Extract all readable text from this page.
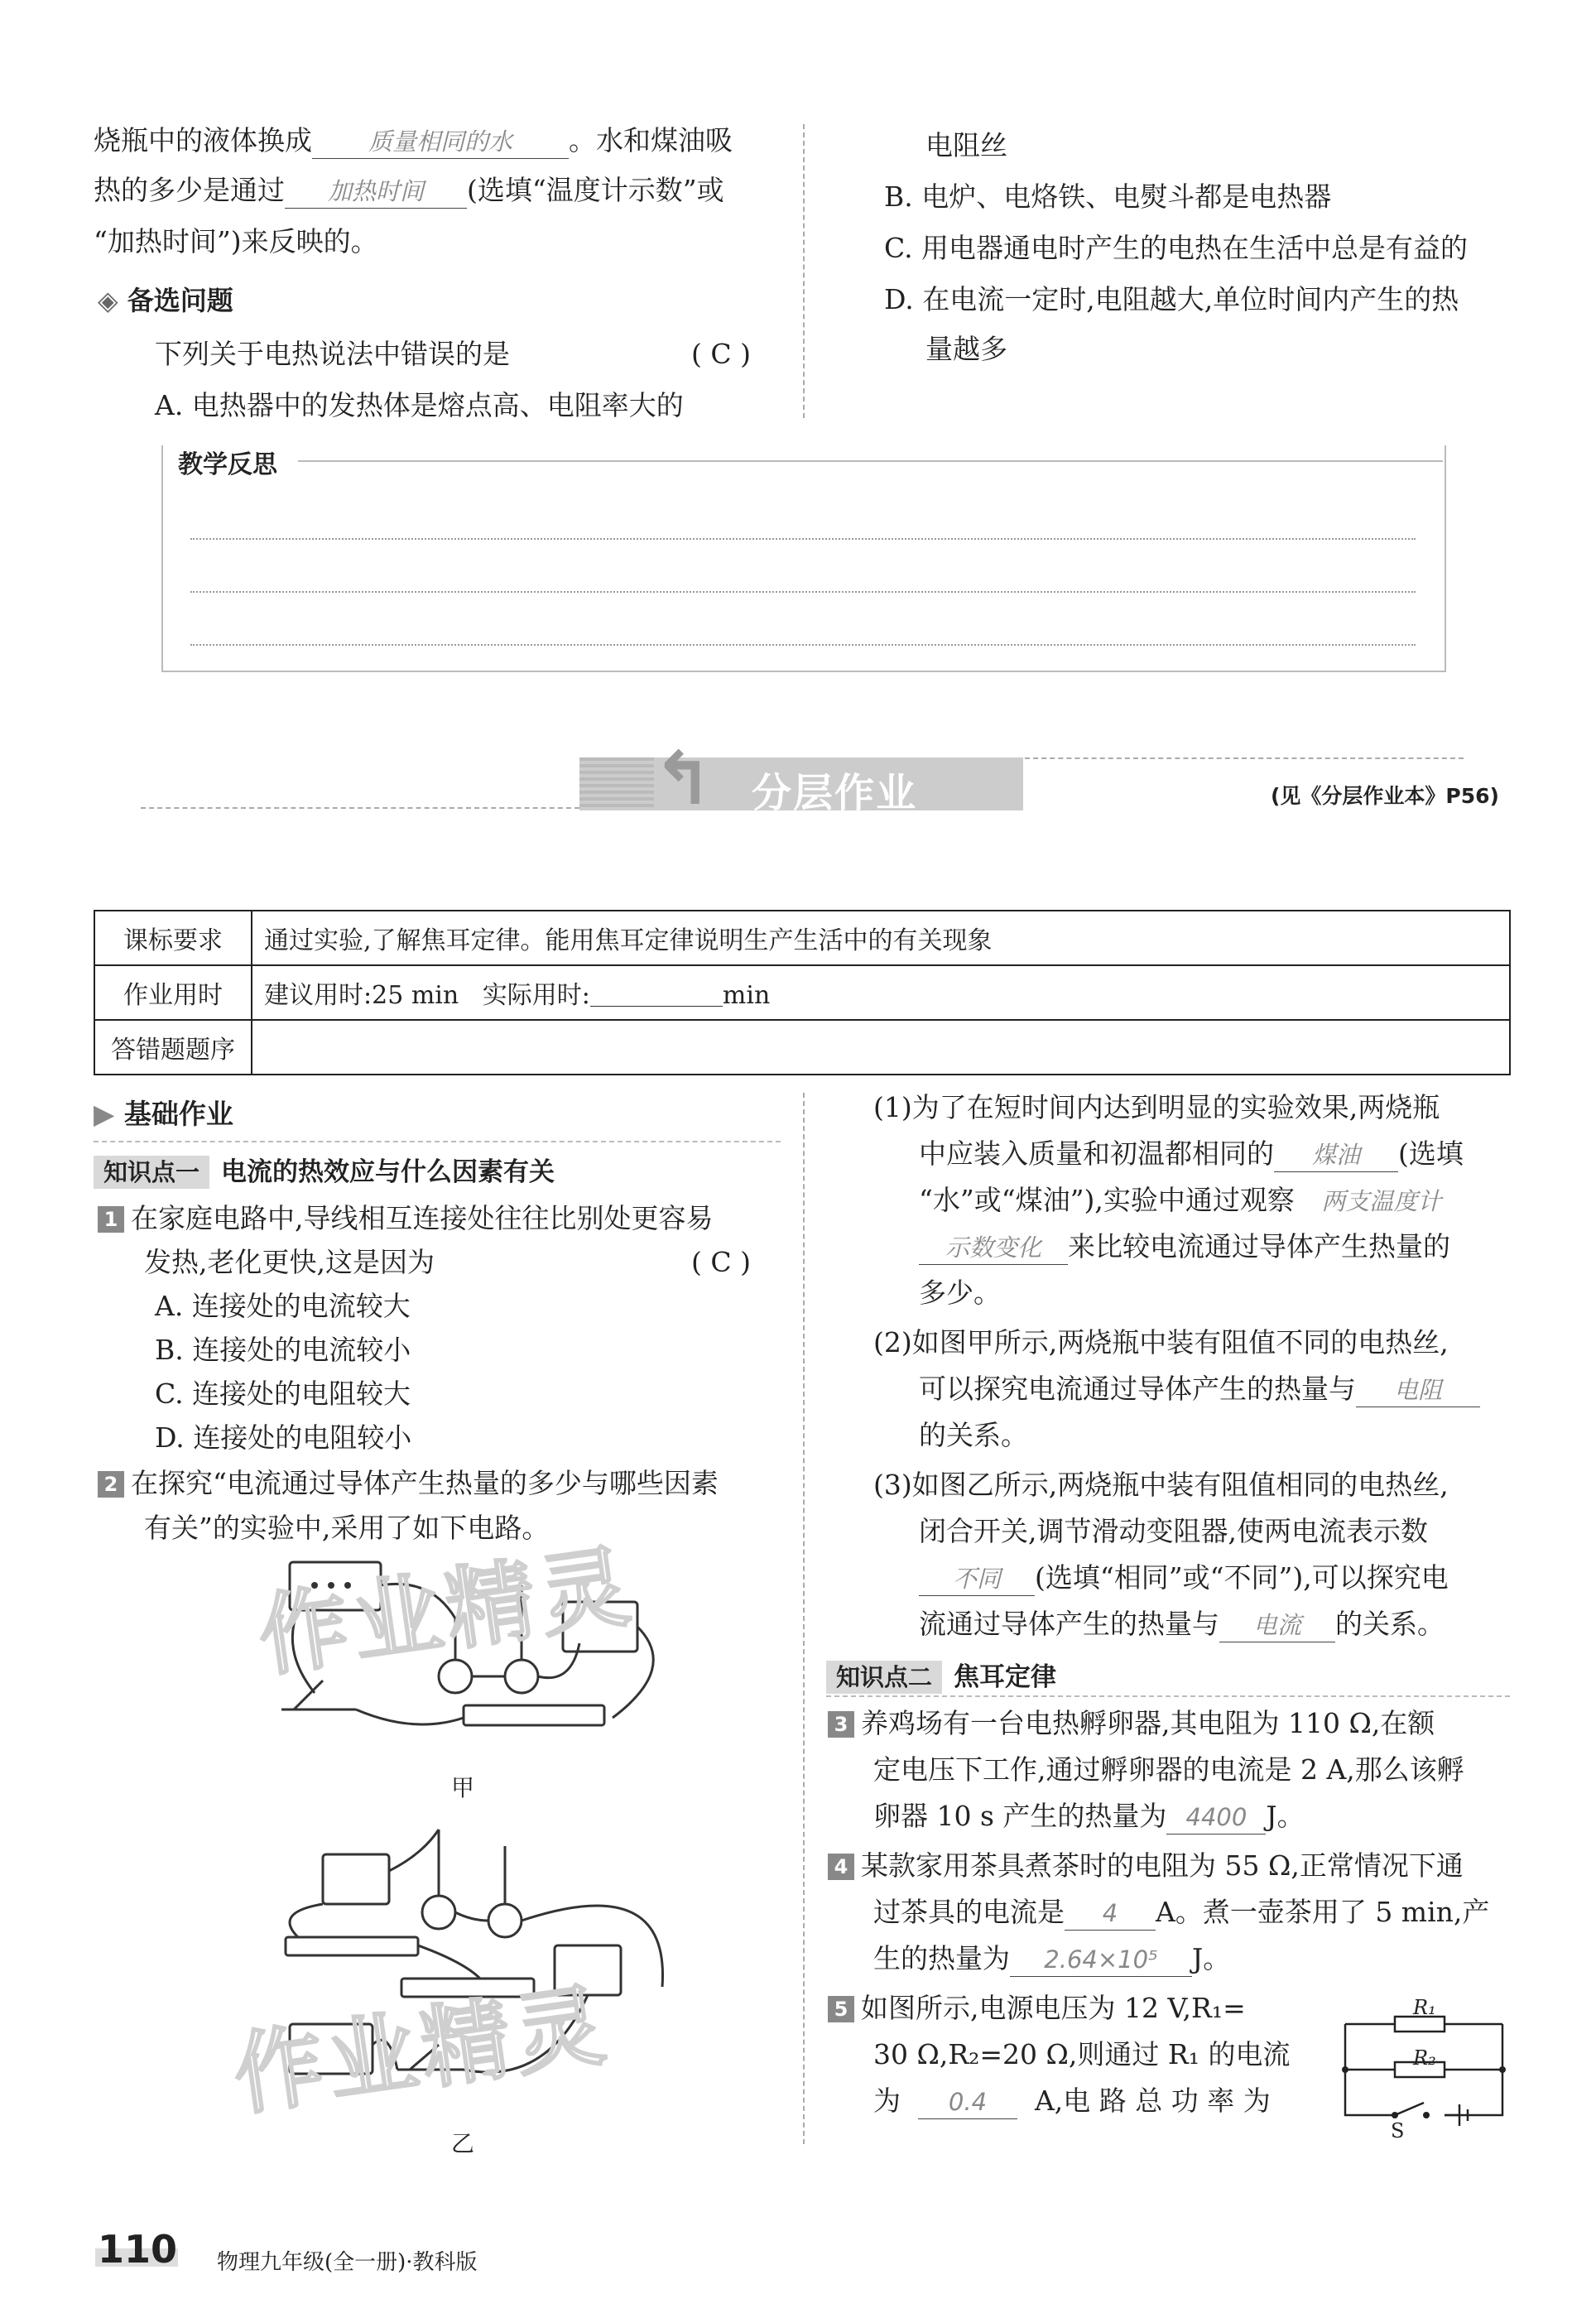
烧瓶中的液体换成 质量相同的水 。水和煤油吸
热的多少是通过 加热时间 (选填“温度计示数”或
“加热时间”)来反映的。
◈ 备选问题
下列关于电热说法中错误的是	( C )
A. 电热器中的发热体是熔点高、电阻率大的
电阻丝
B. 电炉、电烙铁、电熨斗都是电热器
C. 用电器通电时产生的电热在生活中总是有益的
D. 在电流一定时,电阻越大,单位时间内产生的热
量越多
教学反思
↰ 分层作业	(见《分层作业本》P56)
课标要求	通过实验,了解焦耳定律。能用焦耳定律说明生产生活中的有关现象
作业用时	建议用时:25 min 实际用时: min
答错题题序	
▶ 基础作业
知识点一 电流的热效应与什么因素有关
1 在家庭电路中,导线相互连接处往往比别处更容易
发热,老化更快,这是因为	( C )
A. 连接处的电流较大
B. 连接处的电流较小
C. 连接处的电阻较大
D. 连接处的电阻较小
2 在探究“电流通过导体产生热量的多少与哪些因素
有关”的实验中,采用了如下电路。
甲
乙
作业精灵
作业精灵
(1)为了在短时间内达到明显的实验效果,两烧瓶
中应装入质量和初温都相同的 煤油 (选填
“水”或“煤油”),实验中通过观察 两支温度计
示数变化 来比较电流通过导体产生热量的
多少。
(2)如图甲所示,两烧瓶中装有阻值不同的电热丝,
可以探究电流通过导体产生的热量与 电阻
的关系。
(3)如图乙所示,两烧瓶中装有阻值相同的电热丝,
闭合开关,调节滑动变阻器,使两电流表示数
不同 (选填“相同”或“不同”),可以探究电
流通过导体产生的热量与 电流 的关系。
知识点二 焦耳定律
3 养鸡场有一台电热孵卵器,其电阻为 110 Ω,在额
定电压下工作,通过孵卵器的电流是 2 A,那么该孵
卵器 10 s 产生的热量为 4400 J。
4 某款家用茶具煮茶时的电阻为 55 Ω,正常情况下通
过茶具的电流是 4 A。煮一壶茶用了 5 min,产
生的热量为 2.64×10⁵ J。
5 如图所示,电源电压为 12 V,R₁=
30 Ω,R₂=20 Ω,则通过 R₁ 的电流
为 0.4 A,电 路 总 功 率 为
R₁
R₂
S
110 物理九年级(全一册)·教科版
